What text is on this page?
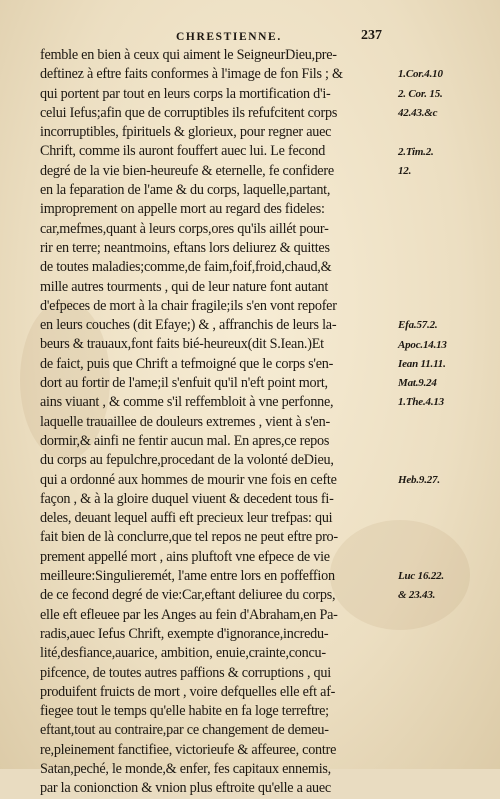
CHRESTIENNE.	237
femble en bien à ceux qui aiment le SeigneurDieu,pre-
deftinez à eftre faits conformes à l'image de fon Fils ; &
qui portent par tout en leurs corps la mortification d'i-
celui Iefus;afin que de corruptibles ils refufcitent corps
incorruptibles, fpirituels & glorieux, pour regner auec
Chrift, comme ils auront fouffert auec lui. Le fecond
degré de la vie bien-heureufe & eternelle, fe confidere
en la feparation de l'ame & du corps, laquelle,partant,
improprement on appelle mort au regard des fideles:
car,mefmes,quant à leurs corps,ores qu'ils aillét pour-
rir en terre; neantmoins, eftans lors deliurez & quittes
de toutes maladies;comme,de faim,foif,froid,chaud,&
mille autres tourments , qui de leur nature font autant
d'efpeces de mort à la chair fragile;ils s'en vont repofer
en leurs couches (dit Efaye;) & , affranchis de leurs la-
beurs & trauaux,font faits bié-heureux(dit S.Iean.)Et
de faict, puis que Chrift a tefmoigné que le corps s'en-
dort au fortir de l'ame;il s'enfuit qu'il n'eft point mort,
ains viuant , & comme s'il reffembloit à vne perfonne,
laquelle trauaillee de douleurs extremes , vient à s'en-
dormir,& ainfi ne fentir aucun mal. En apres,ce repos
du corps au fepulchre,procedant de la volonté deDieu,
qui a ordonné aux hommes de mourir vne fois en cefte
façon , & à la gloire duquel viuent & decedent tous fi-
deles, deuant lequel auffi eft precieux leur trefpas: qui
fait bien de là conclurre,que tel repos ne peut eftre pro-
prement appellé mort , ains pluftoft vne efpece de vie
meilleure:Singulieremét, l'ame entre lors en poffeffion
de ce fecond degré de vie:Car,eftant deliuree du corps,
elle eft efleuee par les Anges au fein d'Abraham,en Pa-
radis,auec Iefus Chrift, exempte d'ignorance,incredu-
lité,desfiance,auarice, ambition, enuie,crainte,concu-
pifcence, de toutes autres paffions & corruptions , qui
produifent fruicts de mort , voire defquelles elle eft af-
fiegee tout le temps qu'elle habite en fa loge terreftre;
eftant,tout au contraire,par ce changement de demeu-
re,pleinement fanctifiee, victorieufe & affeuree, contre
Satan,peché, le monde,& enfer, fes capitaux ennemis,
par la conionction & vnion plus eftroite qu'elle a auec
1.Cor.4.10
2. Cor. 15.
42.43.&c
2.Tim.2.
12.
Efa.57.2.
Apoc.14.13
Iean 11.11.
Mat.9.24
1.The.4.13
Heb.9.27.
Luc 16.22.
& 23.43.
